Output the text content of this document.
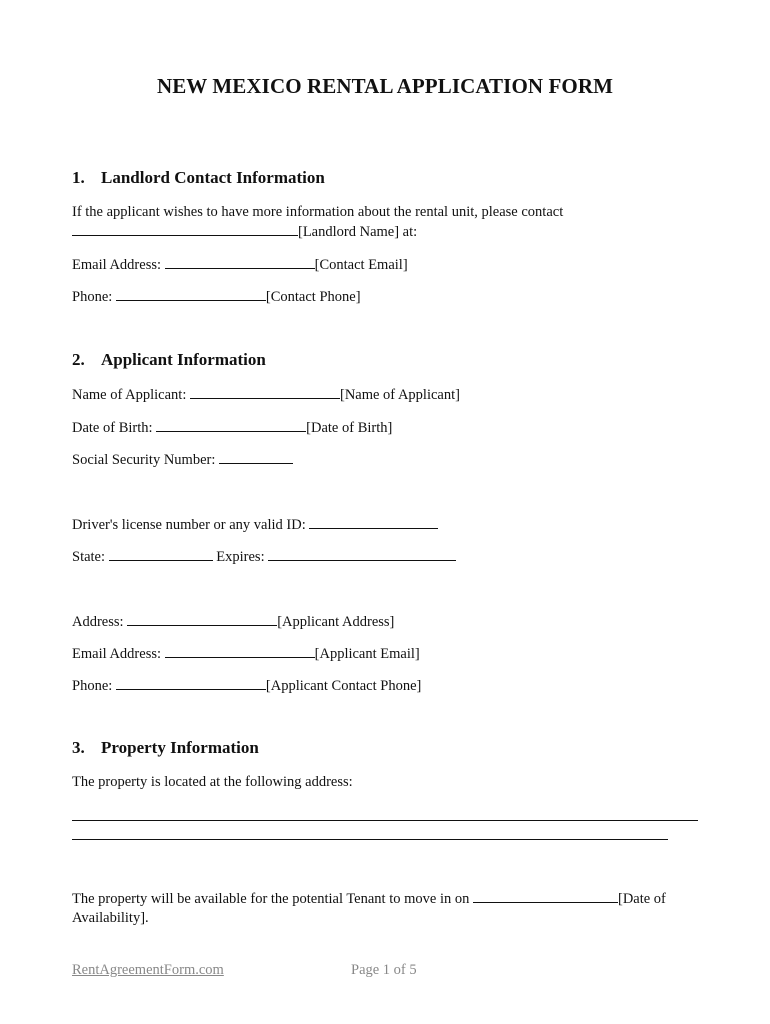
NEW MEXICO RENTAL APPLICATION FORM
1. Landlord Contact Information
If the applicant wishes to have more information about the rental unit, please contact
[Landlord Name] at:
Email Address:	[Contact Email]
Phone:	[Contact Phone]
2. Applicant Information
Name of Applicant:	[Name of Applicant]
Date of Birth:	[Date of Birth]
Social Security Number:
Driver's license number or any valid ID:
State:	Expires:
Address:	[Applicant Address]
Email Address:	[Applicant Email]
Phone:	[Applicant Contact Phone]
3. Property Information
The property is located at the following address:
The property will be available for the potential Tenant to move in on	[Date of
Availability].
RentAgreementForm.com	Page 1 of 5
